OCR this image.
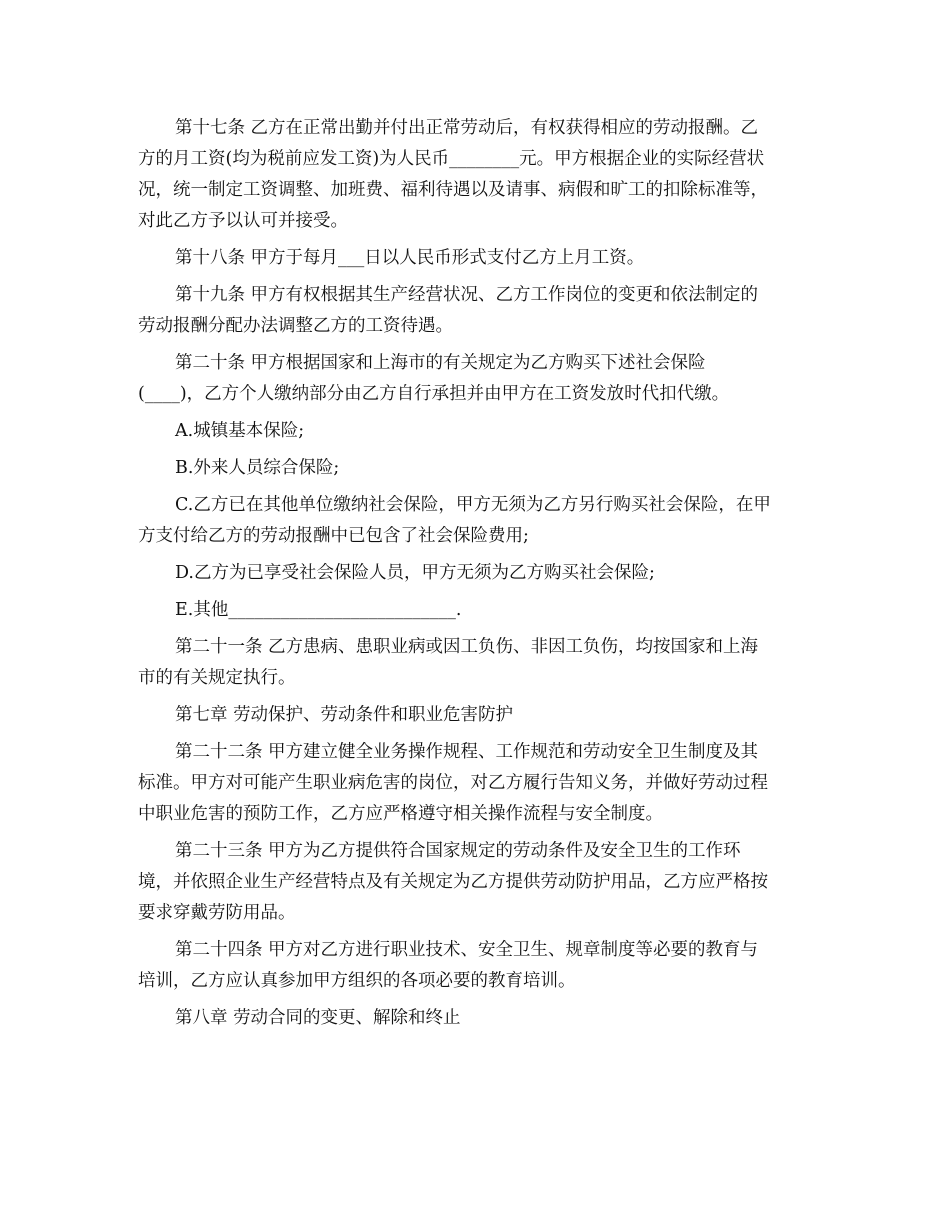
第十七条 乙方在正常出勤并付出正常劳动后，有权获得相应的劳动报酬。乙
方的月工资(均为税前应发工资)为人民币________元。甲方根据企业的实际经营状
况，统一制定工资调整、加班费、福利待遇以及请事、病假和旷工的扣除标准等，
对此乙方予以认可并接受。

第十八条 甲方于每月___日以人民币形式支付乙方上月工资。

第十九条 甲方有权根据其生产经营状况、乙方工作岗位的变更和依法制定的
劳动报酬分配办法调整乙方的工资待遇。

第二十条 甲方根据国家和上海市的有关规定为乙方购买下述社会保险
(____)，乙方个人缴纳部分由乙方自行承担并由甲方在工资发放时代扣代缴。

A.城镇基本保险;

B.外来人员综合保险;

C.乙方已在其他单位缴纳社会保险，甲方无须为乙方另行购买社会保险，在甲
方支付给乙方的劳动报酬中已包含了社会保险费用;

D.乙方为已享受社会保险人员，甲方无须为乙方购买社会保险;

E.其他__________________________.

第二十一条 乙方患病、患职业病或因工负伤、非因工负伤，均按国家和上海
市的有关规定执行。

第七章 劳动保护、劳动条件和职业危害防护

第二十二条 甲方建立健全业务操作规程、工作规范和劳动安全卫生制度及其
标准。甲方对可能产生职业病危害的岗位，对乙方履行告知义务，并做好劳动过程
中职业危害的预防工作，乙方应严格遵守相关操作流程与安全制度。

第二十三条 甲方为乙方提供符合国家规定的劳动条件及安全卫生的工作环
境，并依照企业生产经营特点及有关规定为乙方提供劳动防护用品，乙方应严格按
要求穿戴劳防用品。

第二十四条 甲方对乙方进行职业技术、安全卫生、规章制度等必要的教育与
培训，乙方应认真参加甲方组织的各项必要的教育培训。

第八章 劳动合同的变更、解除和终止
